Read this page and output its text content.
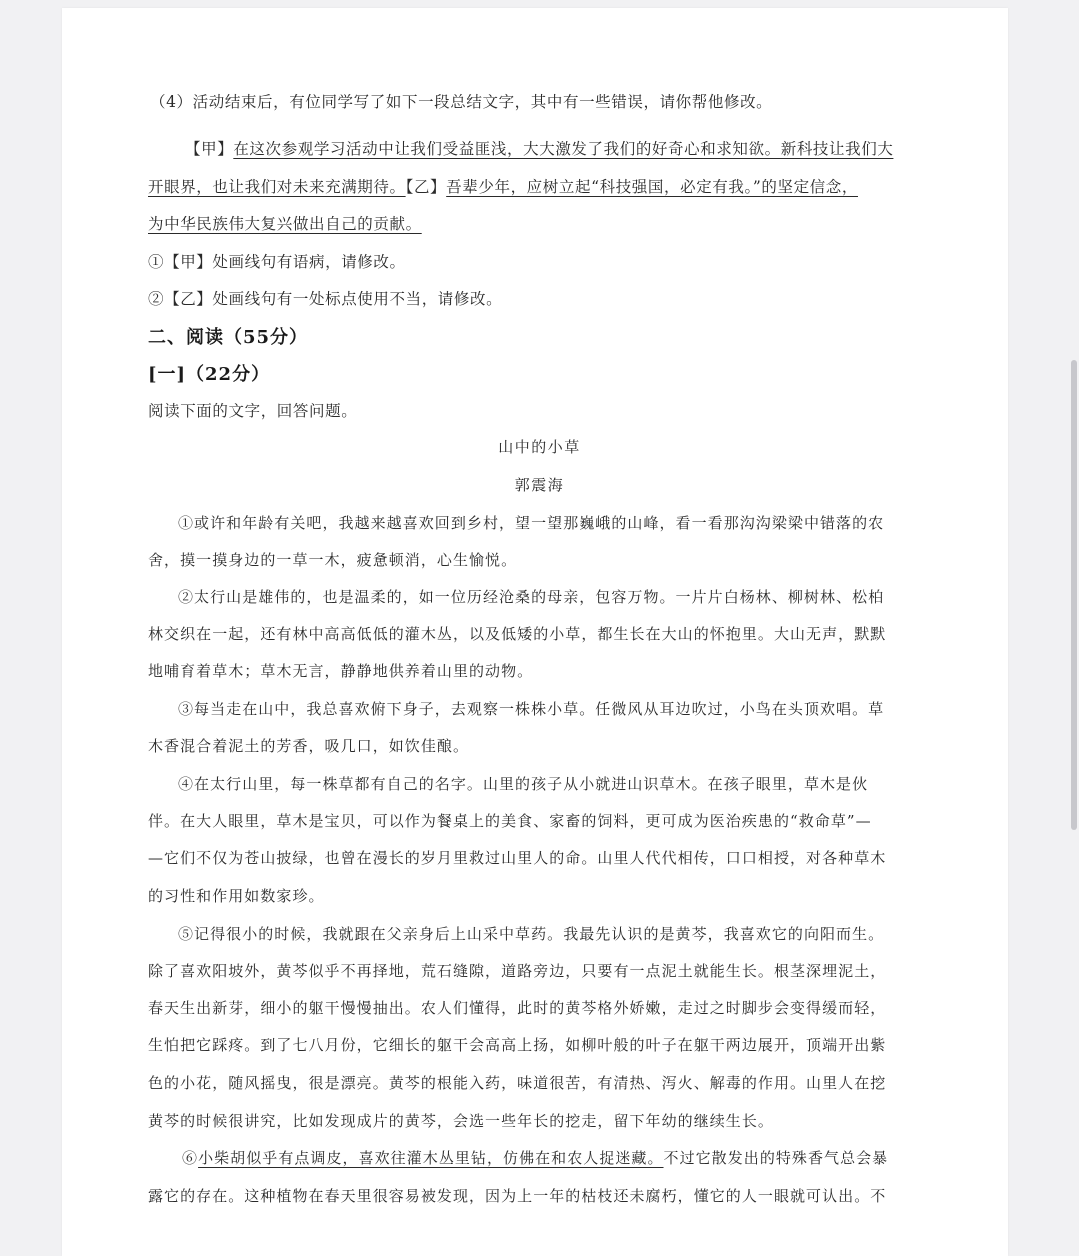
（4）活动结束后，有位同学写了如下一段总结文字，其中有一些错误，请你帮他修改。
【甲】在这次参观学习活动中让我们受益匪浅，大大激发了我们的好奇心和求知欲。新科技让我们大
开眼界，也让我们对未来充满期待。【乙】吾辈少年，应树立起“科技强国，必定有我。”的坚定信念，
为中华民族伟大复兴做出自己的贡献。
①【甲】处画线句有语病，请修改。
②【乙】处画线句有一处标点使用不当，请修改。
二、阅读（55分）
[一]（22分）
阅读下面的文字，回答问题。
山中的小草
郭震海
①或许和年龄有关吧，我越来越喜欢回到乡村，望一望那巍峨的山峰，看一看那沟沟梁梁中错落的农
舍，摸一摸身边的一草一木，疲惫顿消，心生愉悦。
②太行山是雄伟的，也是温柔的，如一位历经沧桑的母亲，包容万物。一片片白杨林、柳树林、松柏
林交织在一起，还有林中高高低低的灌木丛，以及低矮的小草，都生长在大山的怀抱里。大山无声，默默
地哺育着草木；草木无言，静静地供养着山里的动物。
③每当走在山中，我总喜欢俯下身子，去观察一株株小草。任微风从耳边吹过，小鸟在头顶欢唱。草
木香混合着泥土的芳香，吸几口，如饮佳酿。
④在太行山里，每一株草都有自己的名字。山里的孩子从小就进山识草木。在孩子眼里，草木是伙
伴。在大人眼里，草木是宝贝，可以作为餐桌上的美食、家畜的饲料，更可成为医治疾患的“救命草”—
—它们不仅为苍山披绿，也曾在漫长的岁月里救过山里人的命。山里人代代相传，口口相授，对各种草木
的习性和作用如数家珍。
⑤记得很小的时候，我就跟在父亲身后上山采中草药。我最先认识的是黄芩，我喜欢它的向阳而生。
除了喜欢阳坡外，黄芩似乎不再择地，荒石缝隙，道路旁边，只要有一点泥土就能生长。根茎深埋泥土，
春天生出新芽，细小的躯干慢慢抽出。农人们懂得，此时的黄芩格外娇嫩，走过之时脚步会变得缓而轻，
生怕把它踩疼。到了七八月份，它细长的躯干会高高上扬，如柳叶般的叶子在躯干两边展开，顶端开出紫
色的小花，随风摇曳，很是漂亮。黄芩的根能入药，味道很苦，有清热、泻火、解毒的作用。山里人在挖
黄芩的时候很讲究，比如发现成片的黄芩，会选一些年长的挖走，留下年幼的继续生长。
⑥小柴胡似乎有点调皮，喜欢往灌木丛里钻，仿佛在和农人捉迷藏。不过它散发出的特殊香气总会暴
露它的存在。这种植物在春天里很容易被发现，因为上一年的枯枝还未腐朽，懂它的人一眼就可认出。不
